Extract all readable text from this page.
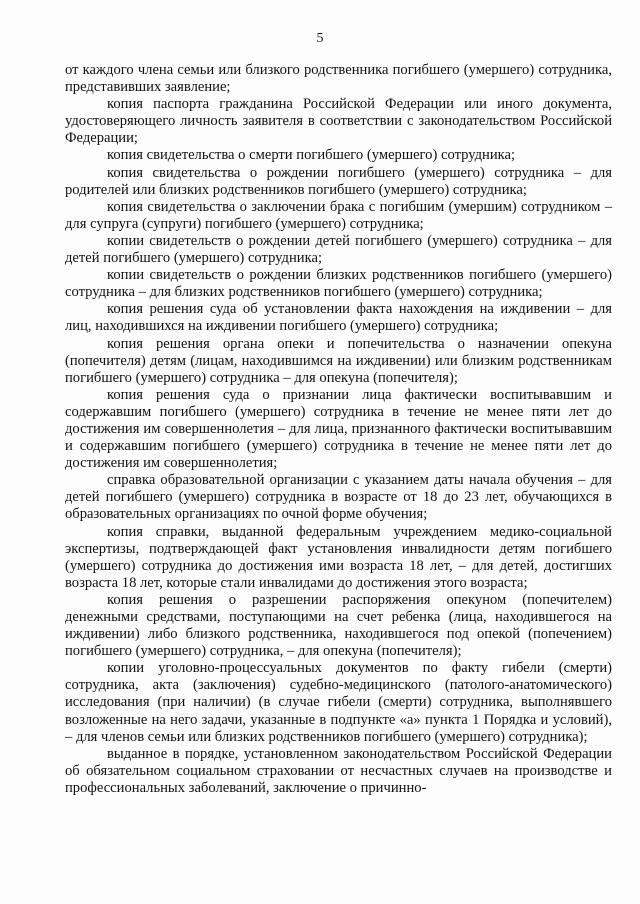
5

от каждого члена семьи или близкого родственника погибшего (умершего) сотрудника, представивших заявление;

копия паспорта гражданина Российской Федерации или иного документа, удостоверяющего личность заявителя в соответствии с законодательством Российской Федерации;

копия свидетельства о смерти погибшего (умершего) сотрудника;

копия свидетельства о рождении погибшего (умершего) сотрудника – для родителей или близких родственников погибшего (умершего) сотрудника;

копия свидетельства о заключении брака с погибшим (умершим) сотрудником – для супруга (супруги) погибшего (умершего) сотрудника;

копии свидетельств о рождении детей погибшего (умершего) сотрудника – для детей погибшего (умершего) сотрудника;

копии свидетельств о рождении близких родственников погибшего (умершего) сотрудника – для близких родственников погибшего (умершего) сотрудника;

копия решения суда об установлении факта нахождения на иждивении – для лиц, находившихся на иждивении погибшего (умершего) сотрудника;

копия решения органа опеки и попечительства о назначении опекуна (попечителя) детям (лицам, находившимся на иждивении) или близким родственникам погибшего (умершего) сотрудника – для опекуна (попечителя);

копия решения суда о признании лица фактически воспитывавшим и содержавшим погибшего (умершего) сотрудника в течение не менее пяти лет до достижения им совершеннолетия – для лица, признанного фактически воспитывавшим и содержавшим погибшего (умершего) сотрудника в течение не менее пяти лет до достижения им совершеннолетия;

справка образовательной организации с указанием даты начала обучения – для детей погибшего (умершего) сотрудника в возрасте от 18 до 23 лет, обучающихся в образовательных организациях по очной форме обучения;

копия справки, выданной федеральным учреждением медико-социальной экспертизы, подтверждающей факт установления инвалидности детям погибшего (умершего) сотрудника до достижения ими возраста 18 лет, – для детей, достигших возраста 18 лет, которые стали инвалидами до достижения этого возраста;

копия решения о разрешении распоряжения опекуном (попечителем) денежными средствами, поступающими на счет ребенка (лица, находившегося на иждивении) либо близкого родственника, находившегося под опекой (попечением) погибшего (умершего) сотрудника, – для опекуна (попечителя);

копии уголовно-процессуальных документов по факту гибели (смерти) сотрудника, акта (заключения) судебно-медицинского (патолого-анатомического) исследования (при наличии) (в случае гибели (смерти) сотрудника, выполнявшего возложенные на него задачи, указанные в подпункте «а» пункта 1 Порядка и условий), – для членов семьи или близких родственников погибшего (умершего) сотрудника);

выданное в порядке, установленном законодательством Российской Федерации об обязательном социальном страховании от несчастных случаев на производстве и профессиональных заболеваний, заключение о причинно-
